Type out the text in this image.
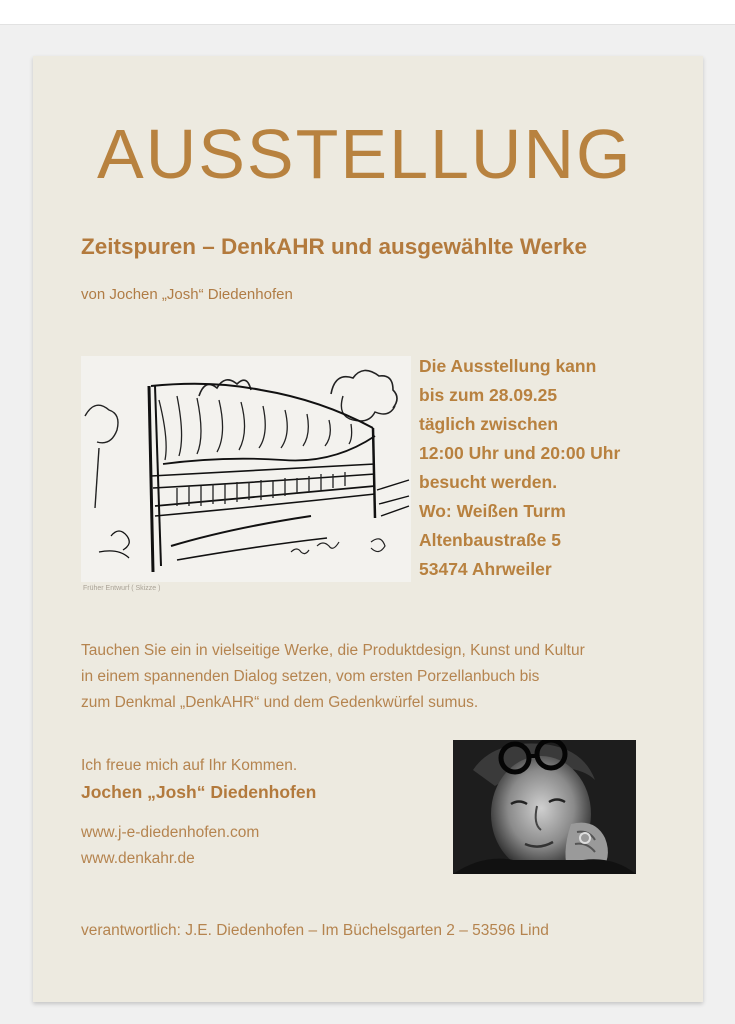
AUSSTELLUNG
Zeitspuren – DenkAHR und ausgewählte Werke

von Jochen „Josh“ Diedenhofen

Früher Entwurf ( Skizze )
Die Ausstellung kann
bis zum 28.09.25
täglich zwischen
12:00 Uhr und 20:00 Uhr
besucht werden.
Wo: Weißen Turm
Altenbaustraße 5
53474 Ahrweiler
Tauchen Sie ein in vielseitige Werke, die Produktdesign, Kunst und Kultur
in einem spannenden Dialog setzen, vom ersten Porzellanbuch bis
zum Denkmal „DenkAHR“ und dem Gedenkwürfel sumus.
Ich freue mich auf Ihr Kommen.
Jochen „Josh“ Diedenhofen
www.j-e-diedenhofen.com
www.denkahr.de
verantwortlich: J.E. Diedenhofen – Im Büchelsgarten 2 – 53596 Lind
